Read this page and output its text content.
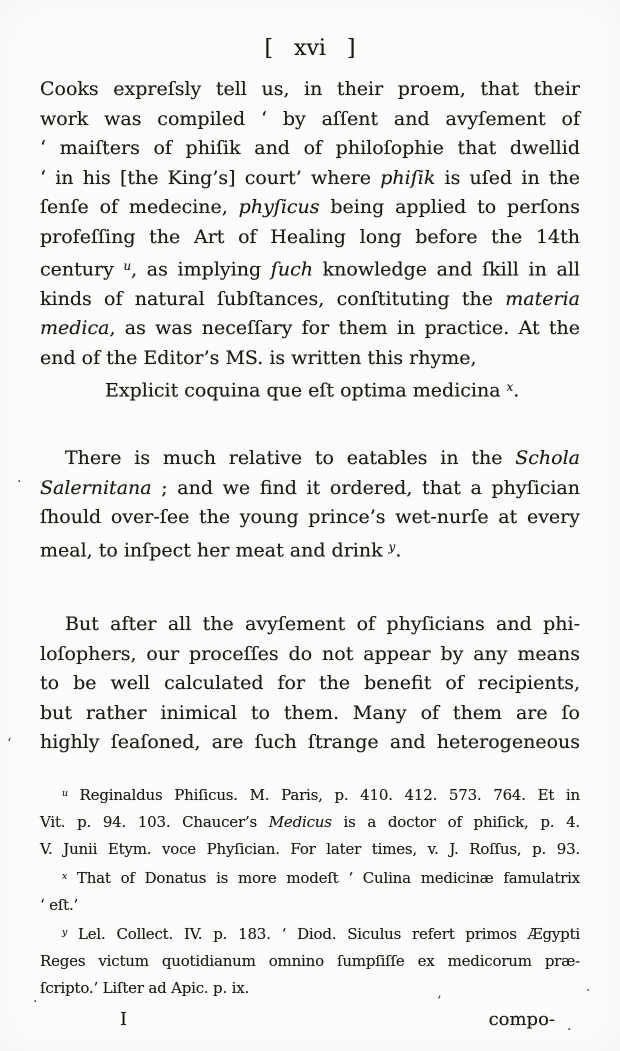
[ xvi ]
Cooks expreſsly tell us, in their proem, that their
work was compiled ‘ by aſſent and avyſement of
‘ maiſters of phiſik and of philoſophie that dwellid
‘ in his [the King’s] court’ where phiſik is uſed in the
ſenſe of medecine, phyſicus being applied to perſons
profeſſing the Art of Healing long before the 14th
century $^u$, as implying ſuch knowledge and ſkill in all
kinds of natural ſubſtances, conſtituting the materia
medica, as was neceſſary for them in practice. At the
end of the Editor’s MS. is written this rhyme,
Explicit coquina que eſt optima medicina $^x$.
There is much relative to eatables in the Schola
Salernitana ; and we find it ordered, that a phyſician
ſhould over-ſee the young prince’s wet-nurſe at every
meal, to inſpect her meat and drink $^y$.
But after all the avyſement of phyſicians and phi-
loſophers, our proceſſes do not appear by any means
to be well calculated for the benefit of recipients,
but rather inimical to them. Many of them are ſo
highly ſeaſoned, are ſuch ſtrange and heterogeneous
$^u$ Reginaldus Phiſicus. M. Paris, p. 410. 412. 573. 764. Et in
Vit. p. 94. 103. Chaucer’s Medicus is a doctor of phiſick, p. 4.
V. Junii Etym. voce Phyſician. For later times, v. J. Roſſus, p. 93.
$^x$ That of Donatus is more modeſt ‘ Culina medicinæ famulatrix
‘ eſt.’
$^y$ Lel. Collect. IV. p. 183. ‘ Diod. Siculus refert primos Ægypti
Reges victum quotidianum omnino ſumpſiſſe ex medicorum præ-
ſcripto.’ Liſter ad Apic. p. ix.
I	compo-
.
‘
.	’
·
.
